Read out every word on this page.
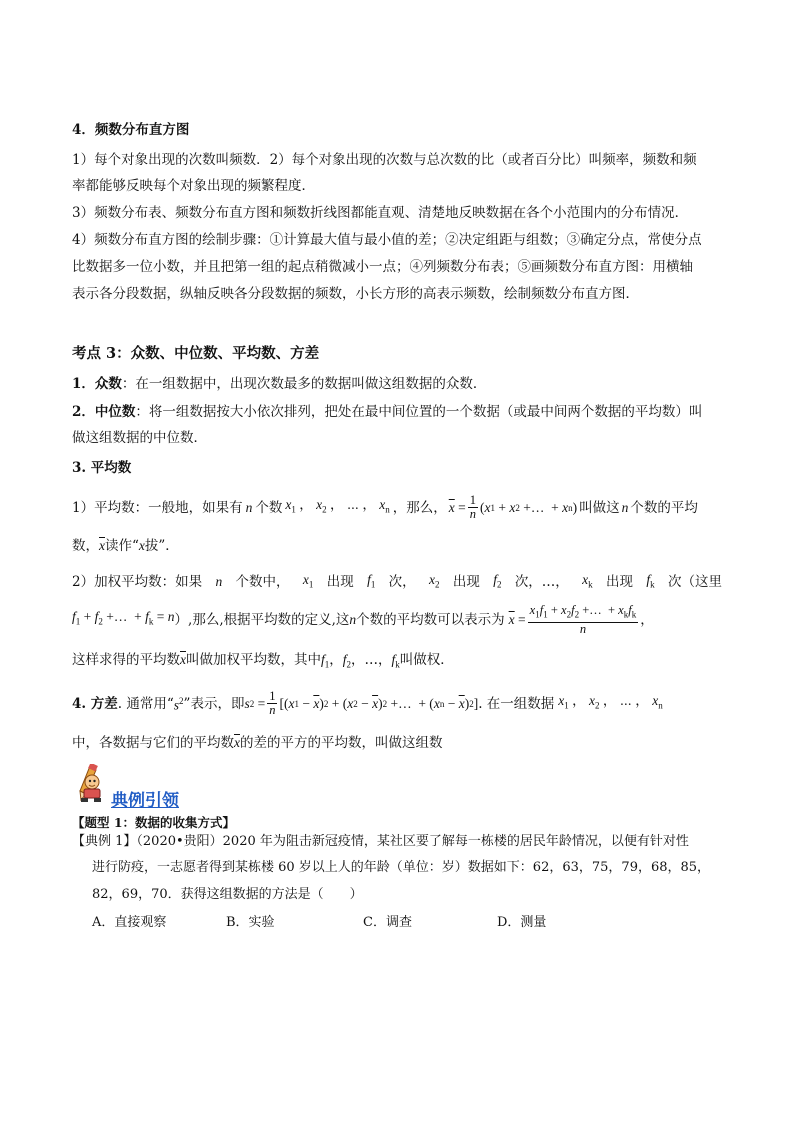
4．频数分布直方图
1）每个对象出现的次数叫频数．2）每个对象出现的次数与总次数的比（或者百分比）叫频率，频数和频
率都能够反映每个对象出现的频繁程度．
3）频数分布表、频数分布直方图和频数折线图都能直观、清楚地反映数据在各个小范围内的分布情况．
4）频数分布直方图的绘制步骤：①计算最大值与最小值的差；②决定组距与组数；③确定分点，常使分点
比数据多一位小数，并且把第一组的起点稍微减小一点；④列频数分布表；⑤画频数分布直方图：用横轴
表示各分段数据，纵轴反映各分段数据的频数，小长方形的高表示频数，绘制频数分布直方图．
考点 3：众数、中位数、平均数、方差
1．众数：在一组数据中，出现次数最多的数据叫做这组数据的众数．
2．中位数：将一组数据按大小依次排列，把处在最中间位置的一个数据（或最中间两个数据的平均数）叫
做这组数据的中位数．
3. 平均数
1）平均数：一般地，如果有 n 个数 $x_1$ ， $x_2$ ， ⋯ ， $x_n$ ，那么， $\overline{x} = \frac{1}{n}$ ( x 1 + x 2 +…  + x n ) 叫做这 n 个数的平均
数，$\overline{x}$读作“x拔”．
2）加权平均数：如果 n 个数中， $x_1$ 出现 $f_1$ 次， $x_2$ 出现 $f_2$ 次，…， $x_k$ 出现 $f_k$ 次（这里
$f_1 + f_2$ +…  + $f_k = n$ ）,那么,根据平均数的定义,这 n 个数的平均数可以表示为 $\overline{x} = \frac{x_1f_1 + x_2f_2 +\dots + x_kf_k}{n}$ ，
这样求得的平均数$\overline{x}$叫做加权平均数，其中$f_1$，$f_2$，…，$f_k$叫做权．
4. 方差 . 通常用“ $s^2$ ”表示，即 s $2 = \frac{1}{n}$ [( x $1 - \overline{x}$ ) 2 + ( x $2 - \overline{x}$ ) 2 +…  + ( x $n - \overline{x}$ ) 2 ] . 在一组数据 $x_1$ ， $x_2$ ， ⋯ ， $x_n$
中，各数据与它们的平均数$\overline{x}$的差的平方的平均数，叫做这组数
典例引领
【题型 1：数据的收集方式】
【典例 1】（2020•贵阳）2020 年为阻击新冠疫情，某社区要了解每一栋楼的居民年龄情况，以便有针对性
进行防疫，一志愿者得到某栋楼 60 岁以上人的年龄（单位：岁）数据如下：62，63，75，79，68，85，
82，69，70．获得这组数据的方法是（　　）
A．直接观察	B．实验	C．调查	D．测量
